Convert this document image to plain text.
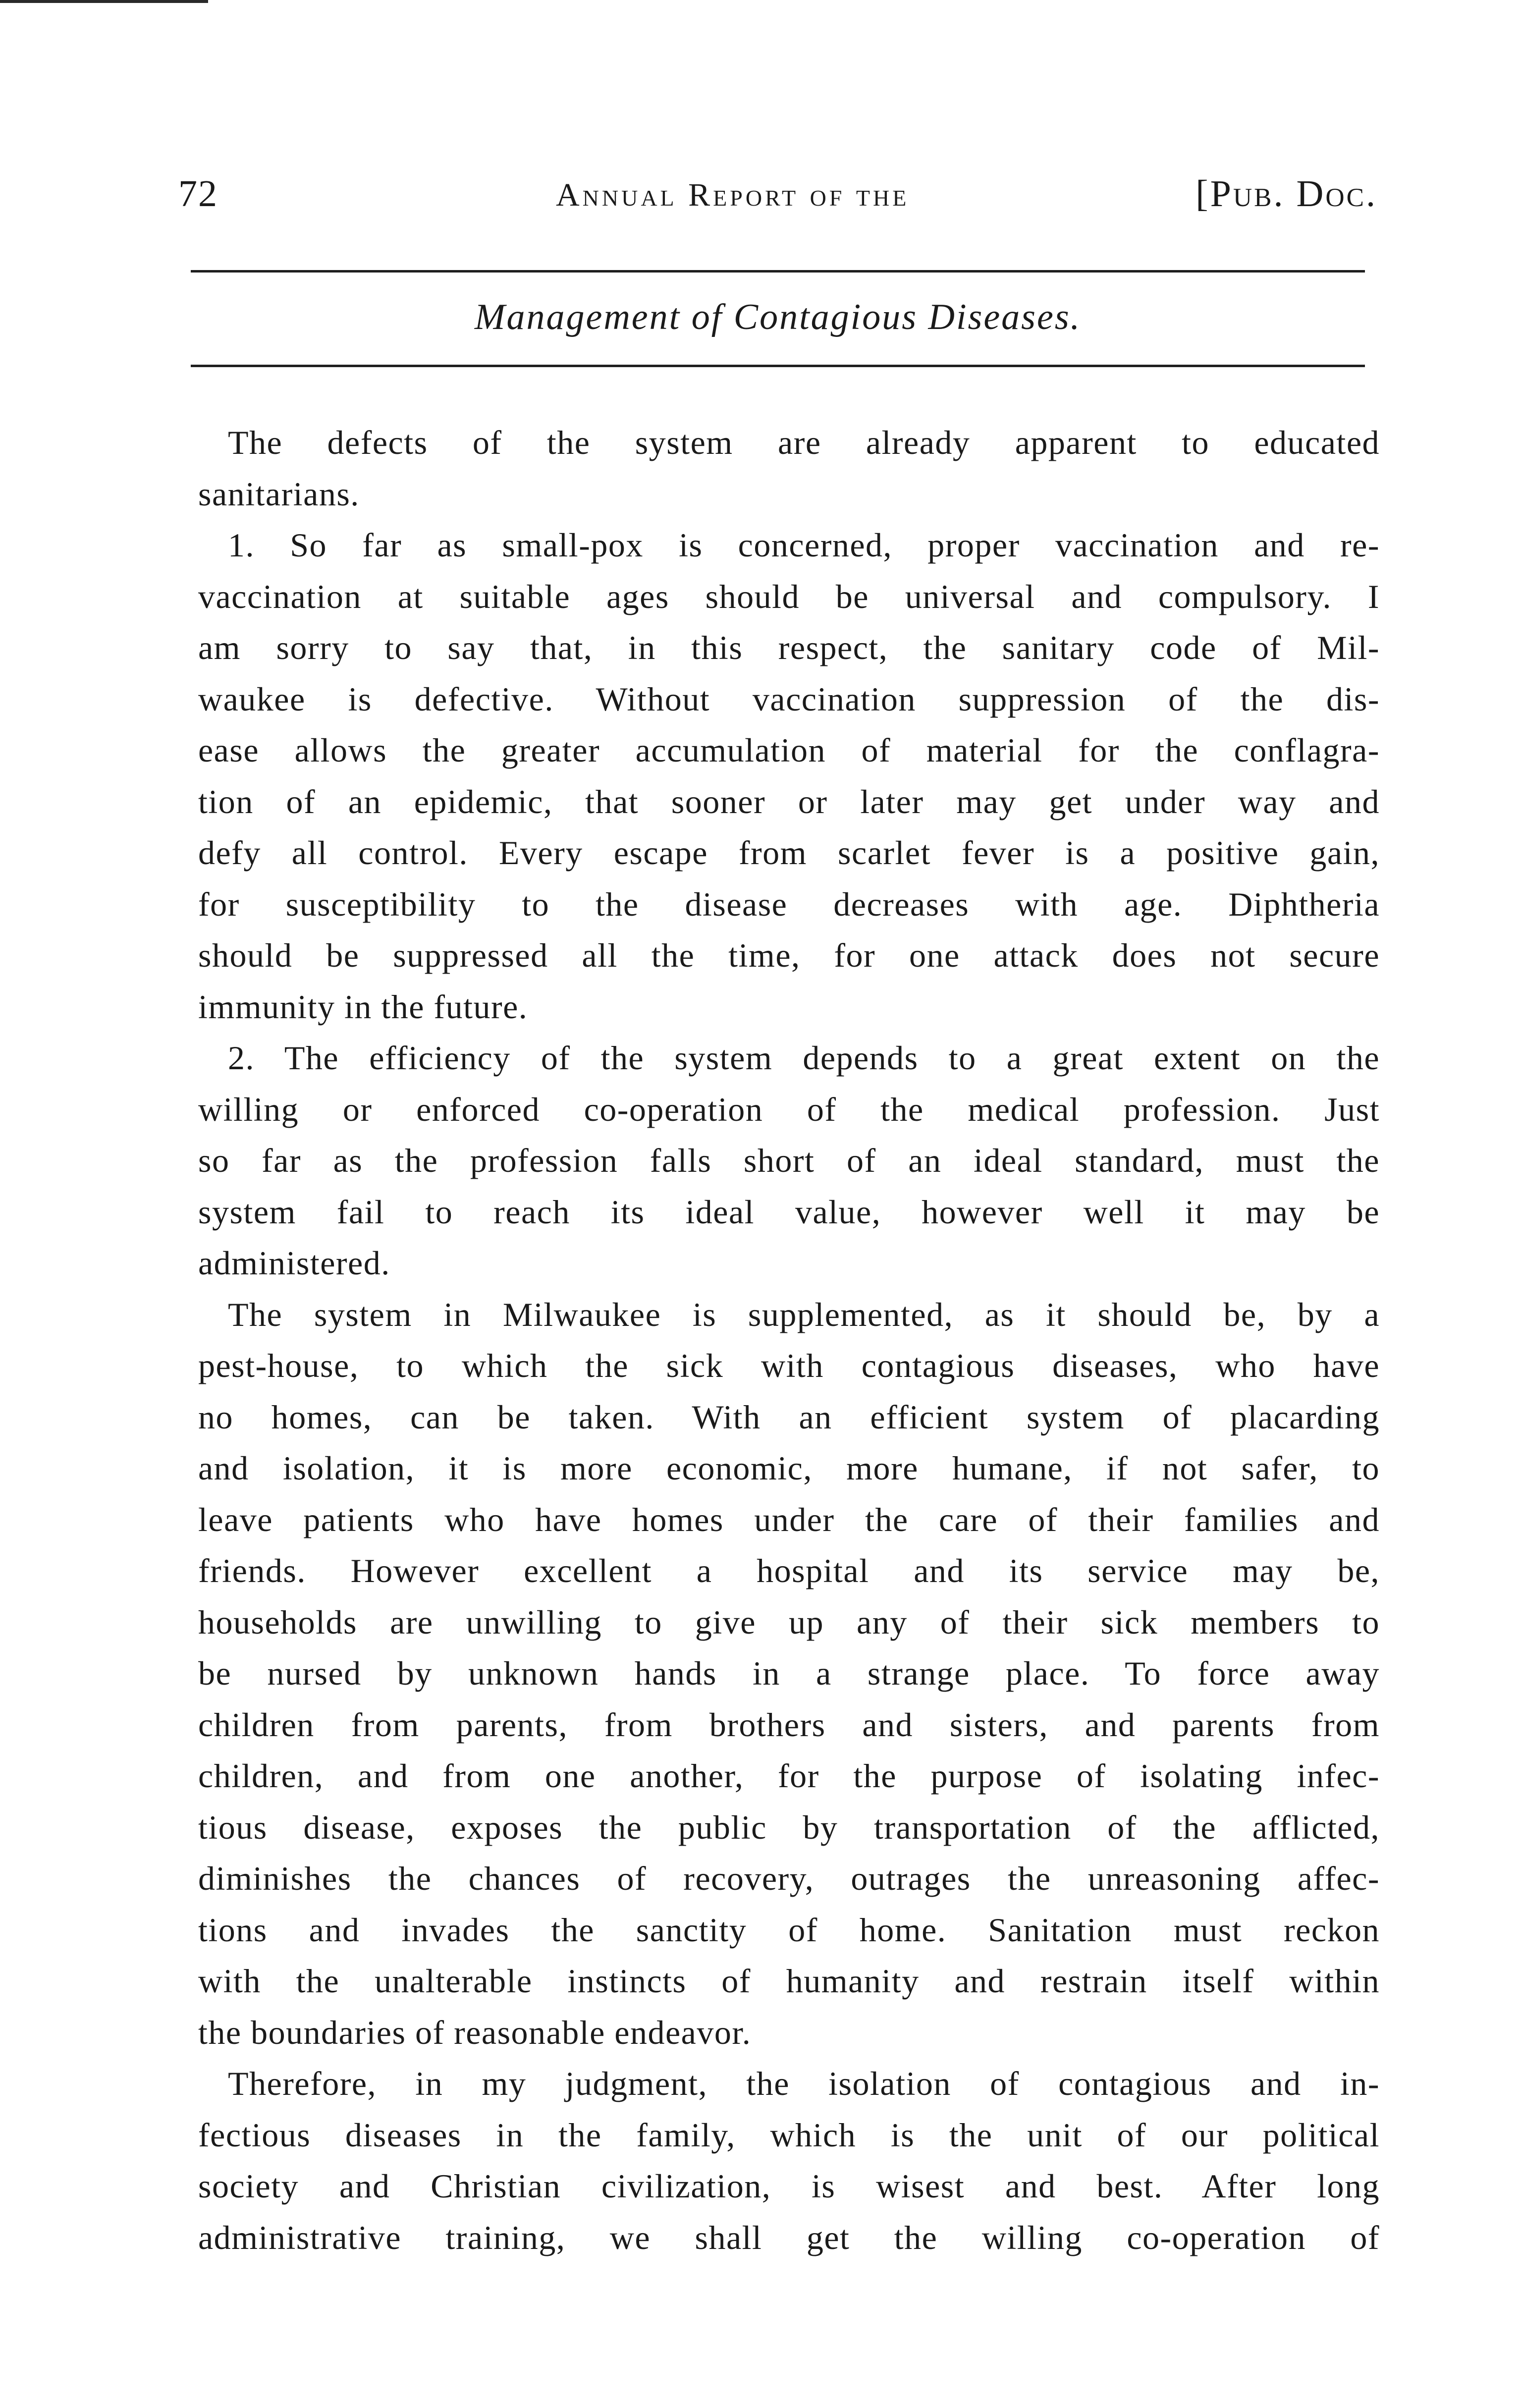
72	Annual Report of the	[Pub. Doc.
Management of Contagious Diseases.
The defects of the system are already apparent to educated
sanitarians.
1. So far as small-pox is concerned, proper vaccination and re-
vaccination at suitable ages should be universal and compulsory. I
am sorry to say that, in this respect, the sanitary code of Mil-
waukee is defective. Without vaccination suppression of the dis-
ease allows the greater accumulation of material for the conflagra-
tion of an epidemic, that sooner or later may get under way and
defy all control. Every escape from scarlet fever is a positive gain,
for susceptibility to the disease decreases with age. Diphtheria
should be suppressed all the time, for one attack does not secure
immunity in the future.
2. The efficiency of the system depends to a great extent on the
willing or enforced co-operation of the medical profession. Just
so far as the profession falls short of an ideal standard, must the
system fail to reach its ideal value, however well it may be
administered.
The system in Milwaukee is supplemented, as it should be, by a
pest-house, to which the sick with contagious diseases, who have
no homes, can be taken. With an efficient system of placarding
and isolation, it is more economic, more humane, if not safer, to
leave patients who have homes under the care of their families and
friends. However excellent a hospital and its service may be,
households are unwilling to give up any of their sick members to
be nursed by unknown hands in a strange place. To force away
children from parents, from brothers and sisters, and parents from
children, and from one another, for the purpose of isolating infec-
tious disease, exposes the public by transportation of the afflicted,
diminishes the chances of recovery, outrages the unreasoning affec-
tions and invades the sanctity of home. Sanitation must reckon
with the unalterable instincts of humanity and restrain itself within
the boundaries of reasonable endeavor.
Therefore, in my judgment, the isolation of contagious and in-
fectious diseases in the family, which is the unit of our political
society and Christian civilization, is wisest and best. After long
administrative training, we shall get the willing co-operation of
